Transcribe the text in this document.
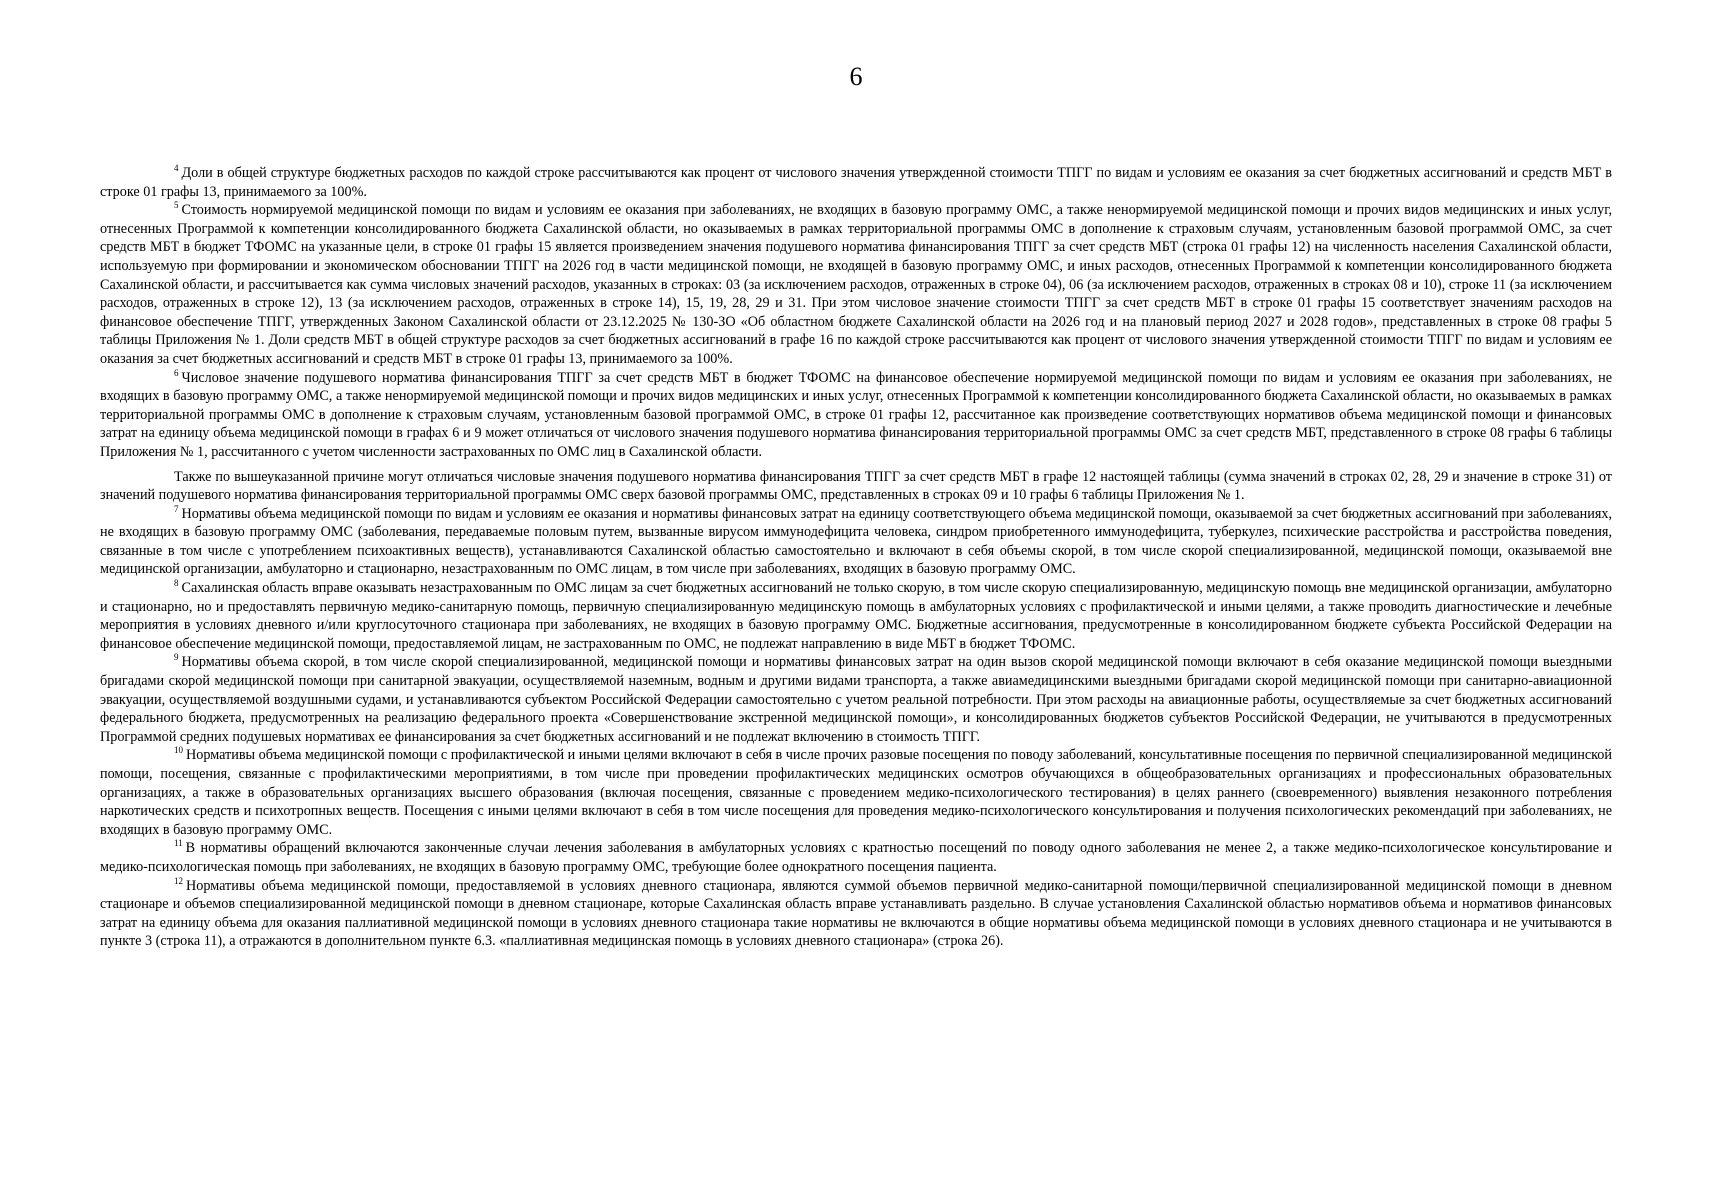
6

$^4$ Доли в общей структуре бюджетных расходов по каждой строке рассчитываются как процент от числового значения утвержденной стоимости ТПГГ по видам и условиям ее оказания за счет бюджетных ассигнований и средств МБТ в строке 01 графы 13, принимаемого за 100%.

$^5$ Стоимость нормируемой медицинской помощи по видам и условиям ее оказания при заболеваниях, не входящих в базовую программу ОМС, а также ненормируемой медицинской помощи и прочих видов медицинских и иных услуг, отнесенных Программой к компетенции консолидированного бюджета Сахалинской области, но оказываемых в рамках территориальной программы ОМС в дополнение к страховым случаям, установленным базовой программой ОМС, за счет средств МБТ в бюджет ТФОМС на указанные цели, в строке 01 графы 15 является произведением значения подушевого норматива финансирования ТПГГ за счет средств МБТ (строка 01 графы 12) на численность населения Сахалинской области, используемую при формировании и экономическом обосновании ТПГГ на 2026 год в части медицинской помощи, не входящей в базовую программу ОМС, и иных расходов, отнесенных Программой к компетенции консолидированного бюджета Сахалинской области, и рассчитывается как сумма числовых значений расходов, указанных в строках: 03 (за исключением расходов, отраженных в строке 04), 06 (за исключением расходов, отраженных в строках 08 и 10), строке 11 (за исключением расходов, отраженных в строке 12), 13 (за исключением расходов, отраженных в строке 14), 15, 19, 28, 29 и 31. При этом числовое значение стоимости ТПГГ за счет средств МБТ в строке 01 графы 15 соответствует значениям расходов на финансовое обеспечение ТПГГ, утвержденных Законом Сахалинской области от 23.12.2025 № 130-ЗО «Об областном бюджете Сахалинской области на 2026 год и на плановый период 2027 и 2028 годов», представленных в строке 08 графы 5 таблицы Приложения № 1. Доли средств МБТ в общей структуре расходов за счет бюджетных ассигнований в графе 16 по каждой строке рассчитываются как процент от числового значения утвержденной стоимости ТПГГ по видам и условиям ее оказания за счет бюджетных ассигнований и средств МБТ в строке 01 графы 13, принимаемого за 100%.

$^6$ Числовое значение подушевого норматива финансирования ТПГГ за счет средств МБТ в бюджет ТФОМС на финансовое обеспечение нормируемой медицинской помощи по видам и условиям ее оказания при заболеваниях, не входящих в базовую программу ОМС, а также ненормируемой медицинской помощи и прочих видов медицинских и иных услуг, отнесенных Программой к компетенции консолидированного бюджета Сахалинской области, но оказываемых в рамках территориальной программы ОМС в дополнение к страховым случаям, установленным базовой программой ОМС, в строке 01 графы 12, рассчитанное как произведение соответствующих нормативов объема медицинской помощи и финансовых затрат на единицу объема медицинской помощи в графах 6 и 9 может отличаться от числового значения подушевого норматива финансирования территориальной программы ОМС за счет средств МБТ, представленного в строке 08 графы 6 таблицы Приложения № 1, рассчитанного с учетом численности застрахованных по ОМС лиц в Сахалинской области.

Также по вышеуказанной причине могут отличаться числовые значения подушевого норматива финансирования ТПГГ за счет средств МБТ в графе 12 настоящей таблицы (сумма значений в строках 02, 28, 29 и значение в строке 31) от значений подушевого норматива финансирования территориальной программы ОМС сверх базовой программы ОМС, представленных в строках 09 и 10 графы 6 таблицы Приложения № 1.

$^7$ Нормативы объема медицинской помощи по видам и условиям ее оказания и нормативы финансовых затрат на единицу соответствующего объема медицинской помощи, оказываемой за счет бюджетных ассигнований при заболеваниях, не входящих в базовую программу ОМС (заболевания, передаваемые половым путем, вызванные вирусом иммунодефицита человека, синдром приобретенного иммунодефицита, туберкулез, психические расстройства и расстройства поведения, связанные в том числе с употреблением психоактивных веществ), устанавливаются Сахалинской областью самостоятельно и включают в себя объемы скорой, в том числе скорой специализированной, медицинской помощи, оказываемой вне медицинской организации, амбулаторно и стационарно, незастрахованным по ОМС лицам, в том числе при заболеваниях, входящих в базовую программу ОМС.

$^8$ Сахалинская область вправе оказывать незастрахованным по ОМС лицам за счет бюджетных ассигнований не только скорую, в том числе скорую специализированную, медицинскую помощь вне медицинской организации, амбулаторно и стационарно, но и предоставлять первичную медико-санитарную помощь, первичную специализированную медицинскую помощь в амбулаторных условиях с профилактической и иными целями, а также проводить диагностические и лечебные мероприятия в условиях дневного и/или круглосуточного стационара при заболеваниях, не входящих в базовую программу ОМС. Бюджетные ассигнования, предусмотренные в консолидированном бюджете субъекта Российской Федерации на финансовое обеспечение медицинской помощи, предоставляемой лицам, не застрахованным по ОМС, не подлежат направлению в виде МБТ в бюджет ТФОМС.

$^9$ Нормативы объема скорой, в том числе скорой специализированной, медицинской помощи и нормативы финансовых затрат на один вызов скорой медицинской помощи включают в себя оказание медицинской помощи выездными бригадами скорой медицинской помощи при санитарной эвакуации, осуществляемой наземным, водным и другими видами транспорта, а также авиамедицинскими выездными бригадами скорой медицинской помощи при санитарно-авиационной эвакуации, осуществляемой воздушными судами, и устанавливаются субъектом Российской Федерации самостоятельно с учетом реальной потребности. При этом расходы на авиационные работы, осуществляемые за счет бюджетных ассигнований федерального бюджета, предусмотренных на реализацию федерального проекта «Совершенствование экстренной медицинской помощи», и консолидированных бюджетов субъектов Российской Федерации, не учитываются в предусмотренных Программой средних подушевых нормативах ее финансирования за счет бюджетных ассигнований и не подлежат включению в стоимость ТПГГ.

$^{10}$ Нормативы объема медицинской помощи с профилактической и иными целями включают в себя в числе прочих разовые посещения по поводу заболеваний, консультативные посещения по первичной специализированной медицинской помощи, посещения, связанные с профилактическими мероприятиями, в том числе при проведении профилактических медицинских осмотров обучающихся в общеобразовательных организациях и профессиональных образовательных организациях, а также в образовательных организациях высшего образования (включая посещения, связанные с проведением медико-психологического тестирования) в целях раннего (своевременного) выявления незаконного потребления наркотических средств и психотропных веществ. Посещения с иными целями включают в себя в том числе посещения для проведения медико-психологического консультирования и получения психологических рекомендаций при заболеваниях, не входящих в базовую программу ОМС.

$^{11}$ В нормативы обращений включаются законченные случаи лечения заболевания в амбулаторных условиях с кратностью посещений по поводу одного заболевания не менее 2, а также медико-психологическое консультирование и медико-психологическая помощь при заболеваниях, не входящих в базовую программу ОМС, требующие более однократного посещения пациента.

$^{12}$ Нормативы объема медицинской помощи, предоставляемой в условиях дневного стационара, являются суммой объемов первичной медико-санитарной помощи/первичной специализированной медицинской помощи в дневном стационаре и объемов специализированной медицинской помощи в дневном стационаре, которые Сахалинская область вправе устанавливать раздельно. В случае установления Сахалинской областью нормативов объема и нормативов финансовых затрат на единицу объема для оказания паллиативной медицинской помощи в условиях дневного стационара такие нормативы не включаются в общие нормативы объема медицинской помощи в условиях дневного стационара и не учитываются в пункте 3 (строка 11), а отражаются в дополнительном пункте 6.3. «паллиативная медицинская помощь в условиях дневного стационара» (строка 26).
